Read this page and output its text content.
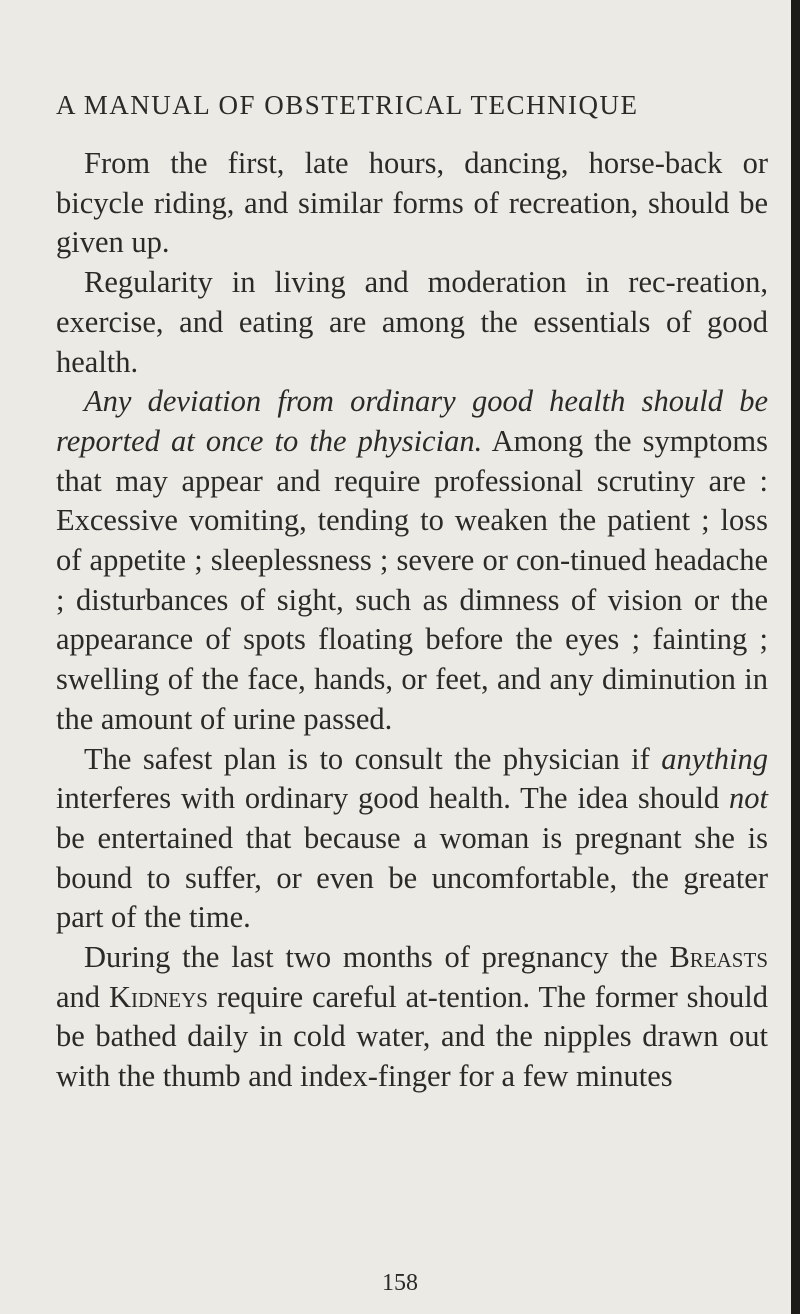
A MANUAL OF OBSTETRICAL TECHNIQUE

From the first, late hours, dancing, horse-back or bicycle riding, and similar forms of recreation, should be given up.

Regularity in living and moderation in rec-reation, exercise, and eating are among the essentials of good health.

Any deviation from ordinary good health should be reported at once to the physician. Among the symptoms that may appear and require professional scrutiny are : Excessive vomiting, tending to weaken the patient ; loss of appetite ; sleeplessness ; severe or con-tinued headache ; disturbances of sight, such as dimness of vision or the appearance of spots floating before the eyes ; fainting ; swelling of the face, hands, or feet, and any diminution in the amount of urine passed.

The safest plan is to consult the physician if anything interferes with ordinary good health. The idea should not be entertained that because a woman is pregnant she is bound to suffer, or even be uncomfortable, the greater part of the time.

During the last two months of pregnancy the Breasts and Kidneys require careful at-tention. The former should be bathed daily in cold water, and the nipples drawn out with the thumb and index-finger for a few minutes

158
